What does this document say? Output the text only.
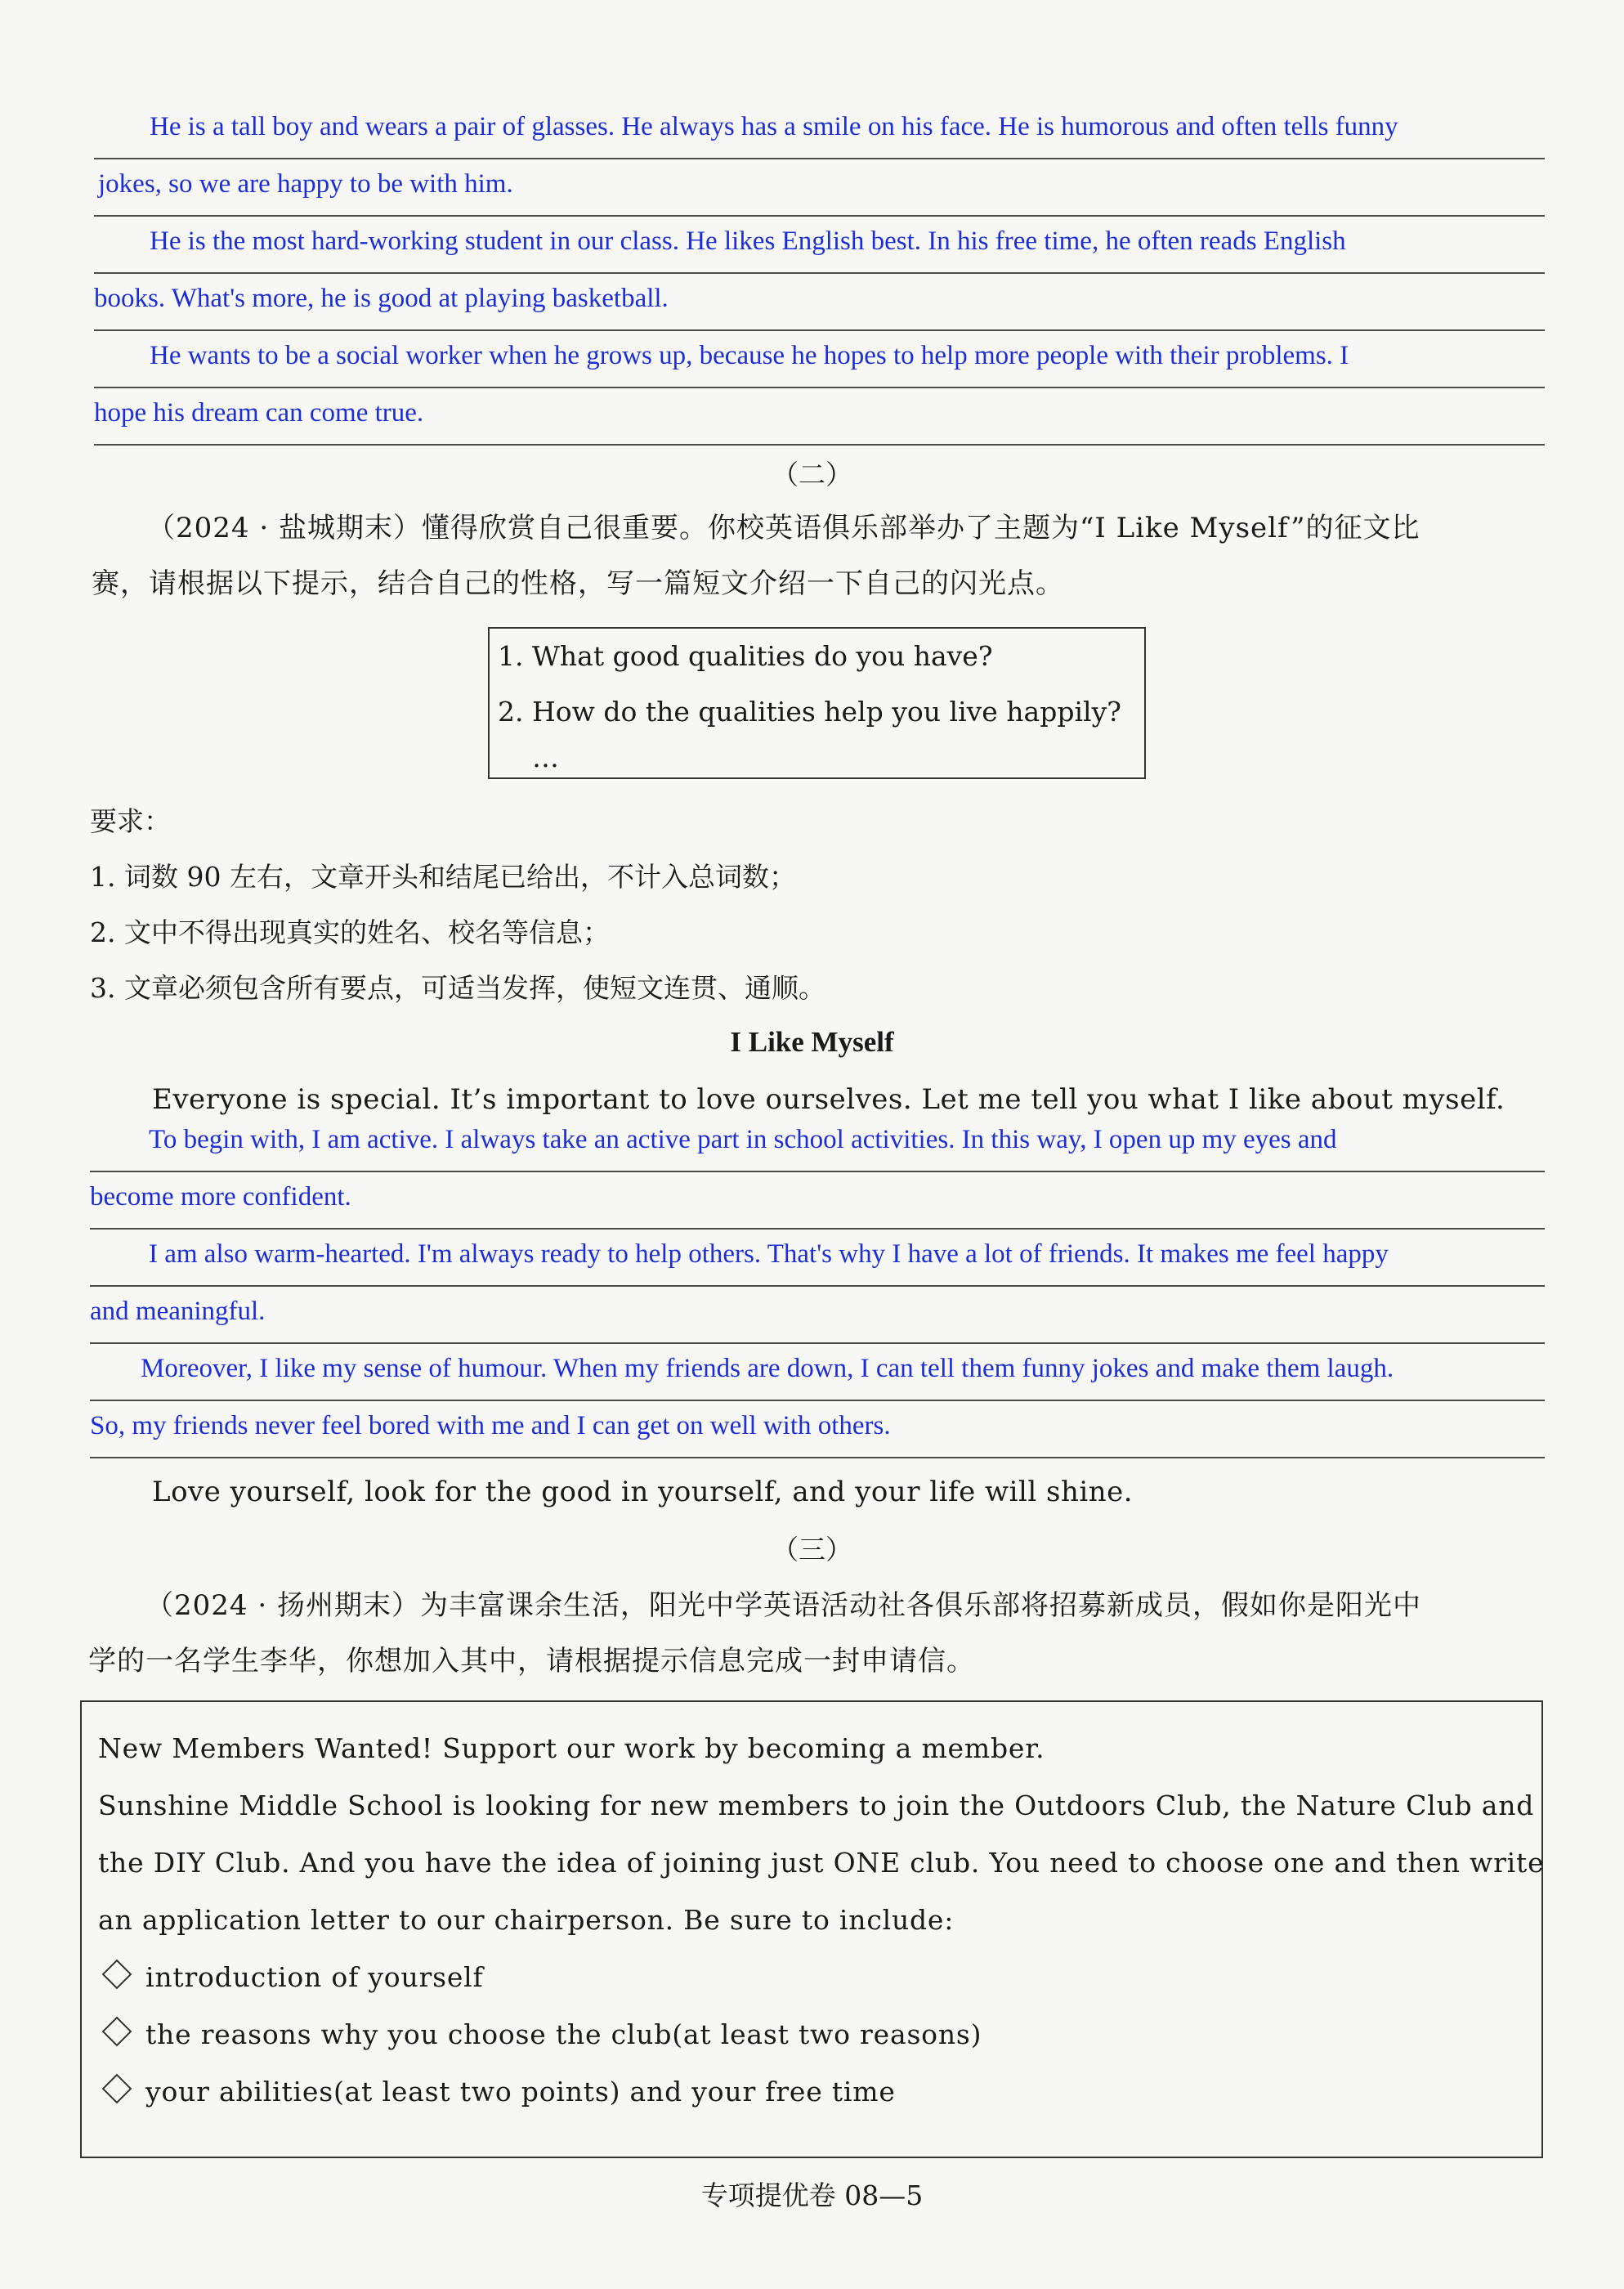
He is a tall boy and wears a pair of glasses. He always has a smile on his face. He is humorous and often tells funny
jokes, so we are happy to be with him.
He is the most hard-working student in our class. He likes English best. In his free time, he often reads English
books. What's more, he is good at playing basketball.
He wants to be a social worker when he grows up, because he hopes to help more people with their problems. I
hope his dream can come true.
（二）
（2024 · 盐城期末）懂得欣赏自己很重要。你校英语俱乐部举办了主题为“I Like Myself”的征文比
赛，请根据以下提示，结合自己的性格，写一篇短文介绍一下自己的闪光点。
1. What good qualities do you have?
2. How do the qualities help you live happily?
…
要求：
1. 词数 90 左右，文章开头和结尾已给出，不计入总词数；
2. 文中不得出现真实的姓名、校名等信息；
3. 文章必须包含所有要点，可适当发挥，使短文连贯、通顺。
I Like Myself
Everyone is special. It’s important to love ourselves. Let me tell you what I like about myself.
To begin with, I am active. I always take an active part in school activities. In this way, I open up my eyes and
become more confident.
I am also warm-hearted. I'm always ready to help others. That's why I have a lot of friends. It makes me feel happy
and meaningful.
Moreover, I like my sense of humour. When my friends are down, I can tell them funny jokes and make them laugh.
So, my friends never feel bored with me and I can get on well with others.
Love yourself, look for the good in yourself, and your life will shine.
（三）
（2024 · 扬州期末）为丰富课余生活，阳光中学英语活动社各俱乐部将招募新成员，假如你是阳光中
学的一名学生李华，你想加入其中，请根据提示信息完成一封申请信。
New Members Wanted! Support our work by becoming a member.
Sunshine Middle School is looking for new members to join the Outdoors Club, the Nature Club and
the DIY Club. And you have the idea of joining just ONE club. You need to choose one and then write
an application letter to our chairperson. Be sure to include:
introduction of yourself
the reasons why you choose the club(at least two reasons)
your abilities(at least two points) and your free time
专项提优卷 08—5
